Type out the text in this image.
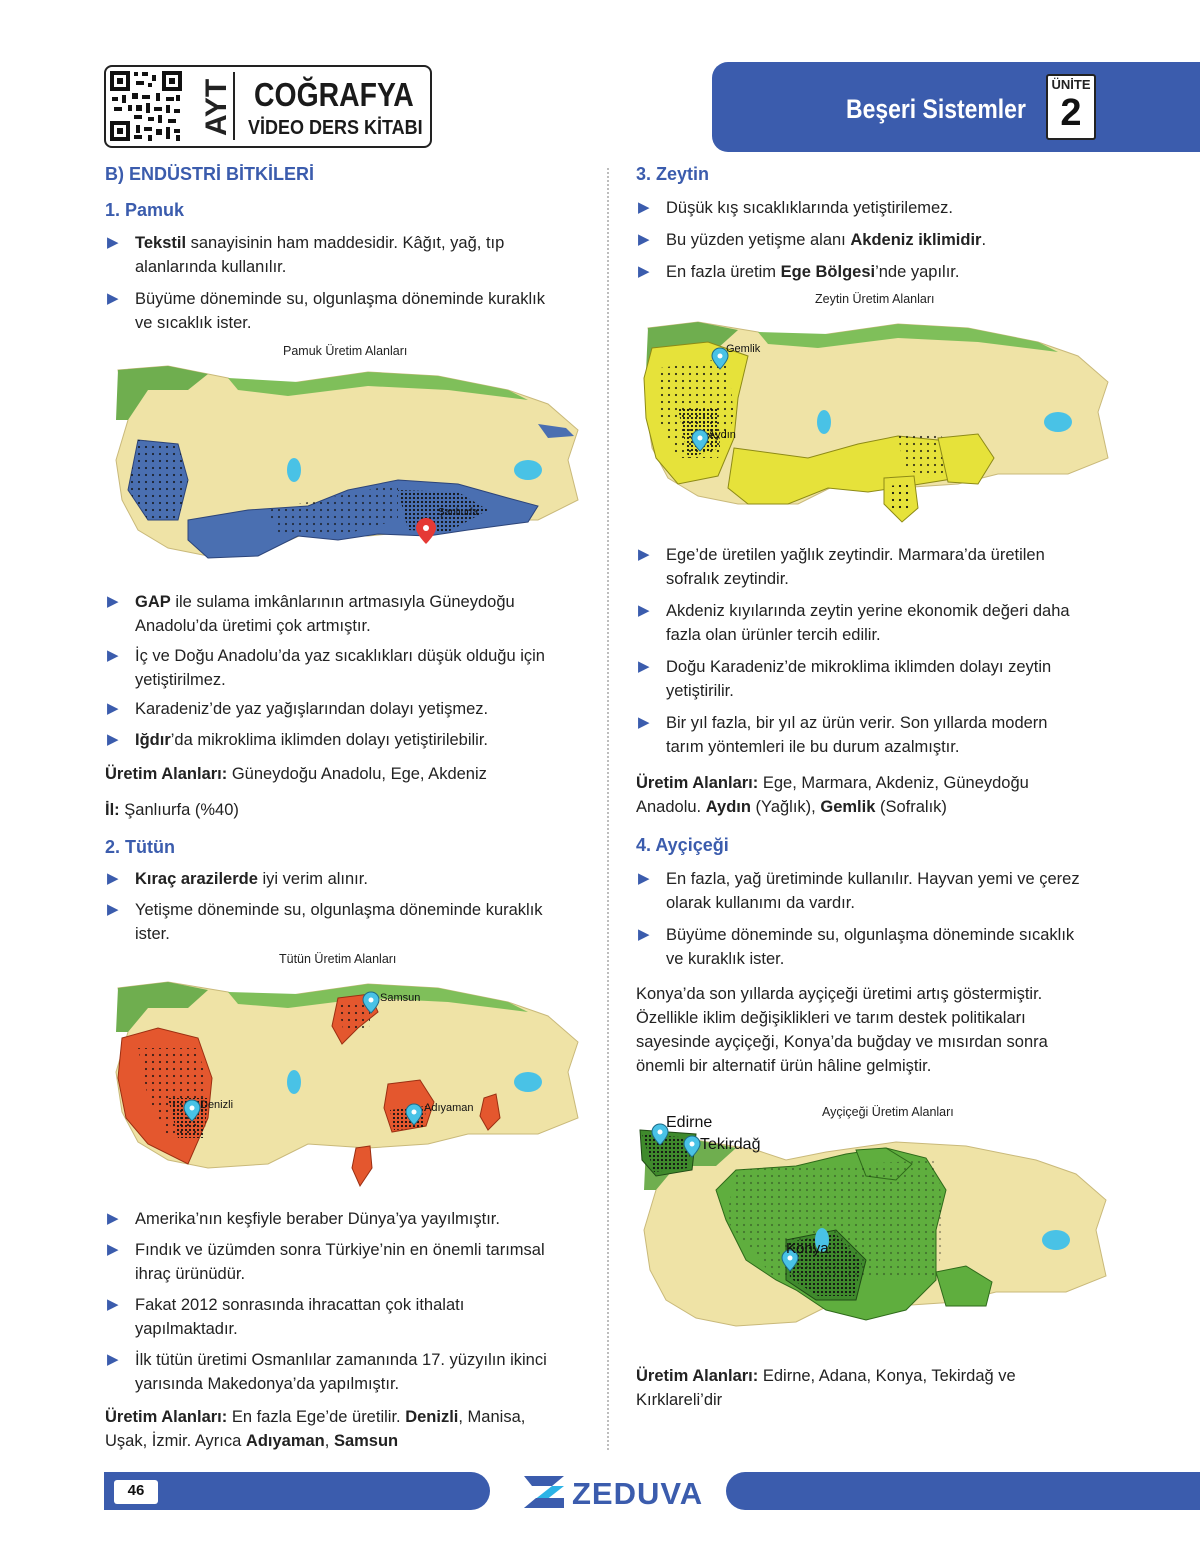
AYT COĞRAFYA
VİDEO DERS KİTABI
Beşeri Sistemler
ÜNİTE
2
B) ENDÜSTRİ BİTKİLERİ
1. Pamuk
▶ Tekstil sanayisinin ham maddesidir. Kâğıt, yağ, tıp
alanlarında kullanılır.
▶ Büyüme döneminde su, olgunlaşma döneminde kuraklık
ve sıcaklık ister.
Pamuk Üretim Alanları
Şanlıurfa
▶ GAP ile sulama imkânlarının artmasıyla Güneydoğu
Anadolu’da üretimi çok artmıştır.
▶ İç ve Doğu Anadolu’da yaz sıcaklıkları düşük olduğu için
yetiştirilmez.
▶ Karadeniz’de yaz yağışlarından dolayı yetişmez.
▶ Iğdır’da mikroklima iklimden dolayı yetiştirilebilir.
Üretim Alanları: Güneydoğu Anadolu, Ege, Akdeniz
İl: Şanlıurfa (%40)
2. Tütün
▶ Kıraç arazilerde iyi verim alınır.
▶ Yetişme döneminde su, olgunlaşma döneminde kuraklık
ister.
Tütün Üretim Alanları
Samsun
Denizli	Adıyaman
▶ Amerika’nın keşfiyle beraber Dünya’ya yayılmıştır.
▶ Fındık ve üzümden sonra Türkiye’nin en önemli tarımsal
ihraç ürünüdür.
▶ Fakat 2012 sonrasında ihracattan çok ithalatı
yapılmaktadır.
▶ İlk tütün üretimi Osmanlılar zamanında 17. yüzyılın ikinci
yarısında Makedonya’da yapılmıştır.
Üretim Alanları: En fazla Ege’de üretilir. Denizli, Manisa,
Uşak, İzmir. Ayrıca Adıyaman, Samsun
3. Zeytin
▶ Düşük kış sıcaklıklarında yetiştirilemez.
▶ Bu yüzden yetişme alanı Akdeniz iklimidir.
▶ En fazla üretim Ege Bölgesi’nde yapılır.
Zeytin Üretim Alanları
Gemlik
Aydın
▶ Ege’de üretilen yağlık zeytindir. Marmara’da üretilen
sofralık zeytindir.
▶ Akdeniz kıyılarında zeytin yerine ekonomik değeri daha
fazla olan ürünler tercih edilir.
▶ Doğu Karadeniz’de mikroklima iklimden dolayı zeytin
yetiştirilir.
▶ Bir yıl fazla, bir yıl az ürün verir. Son yıllarda modern
tarım yöntemleri ile bu durum azalmıştır.
Üretim Alanları: Ege, Marmara, Akdeniz, Güneydoğu
Anadolu. Aydın (Yağlık), Gemlik (Sofralık)
4. Ayçiçeği
▶ En fazla, yağ üretiminde kullanılır. Hayvan yemi ve çerez
olarak kullanımı da vardır.
▶ Büyüme döneminde su, olgunlaşma döneminde sıcaklık
ve kuraklık ister.
Konya’da son yıllarda ayçiçeği üretimi artış göstermiştir.
Özellikle iklim değişiklikleri ve tarım destek politikaları
sayesinde ayçiçeği, Konya’da buğday ve mısırdan sonra
önemli bir alternatif ürün hâline gelmiştir.
Ayçiçeği Üretim Alanları
Edirne
Tekirdağ
Konya
Üretim Alanları: Edirne, Adana, Konya, Tekirdağ ve
Kırklareli’dir
46	ZEDUVA
